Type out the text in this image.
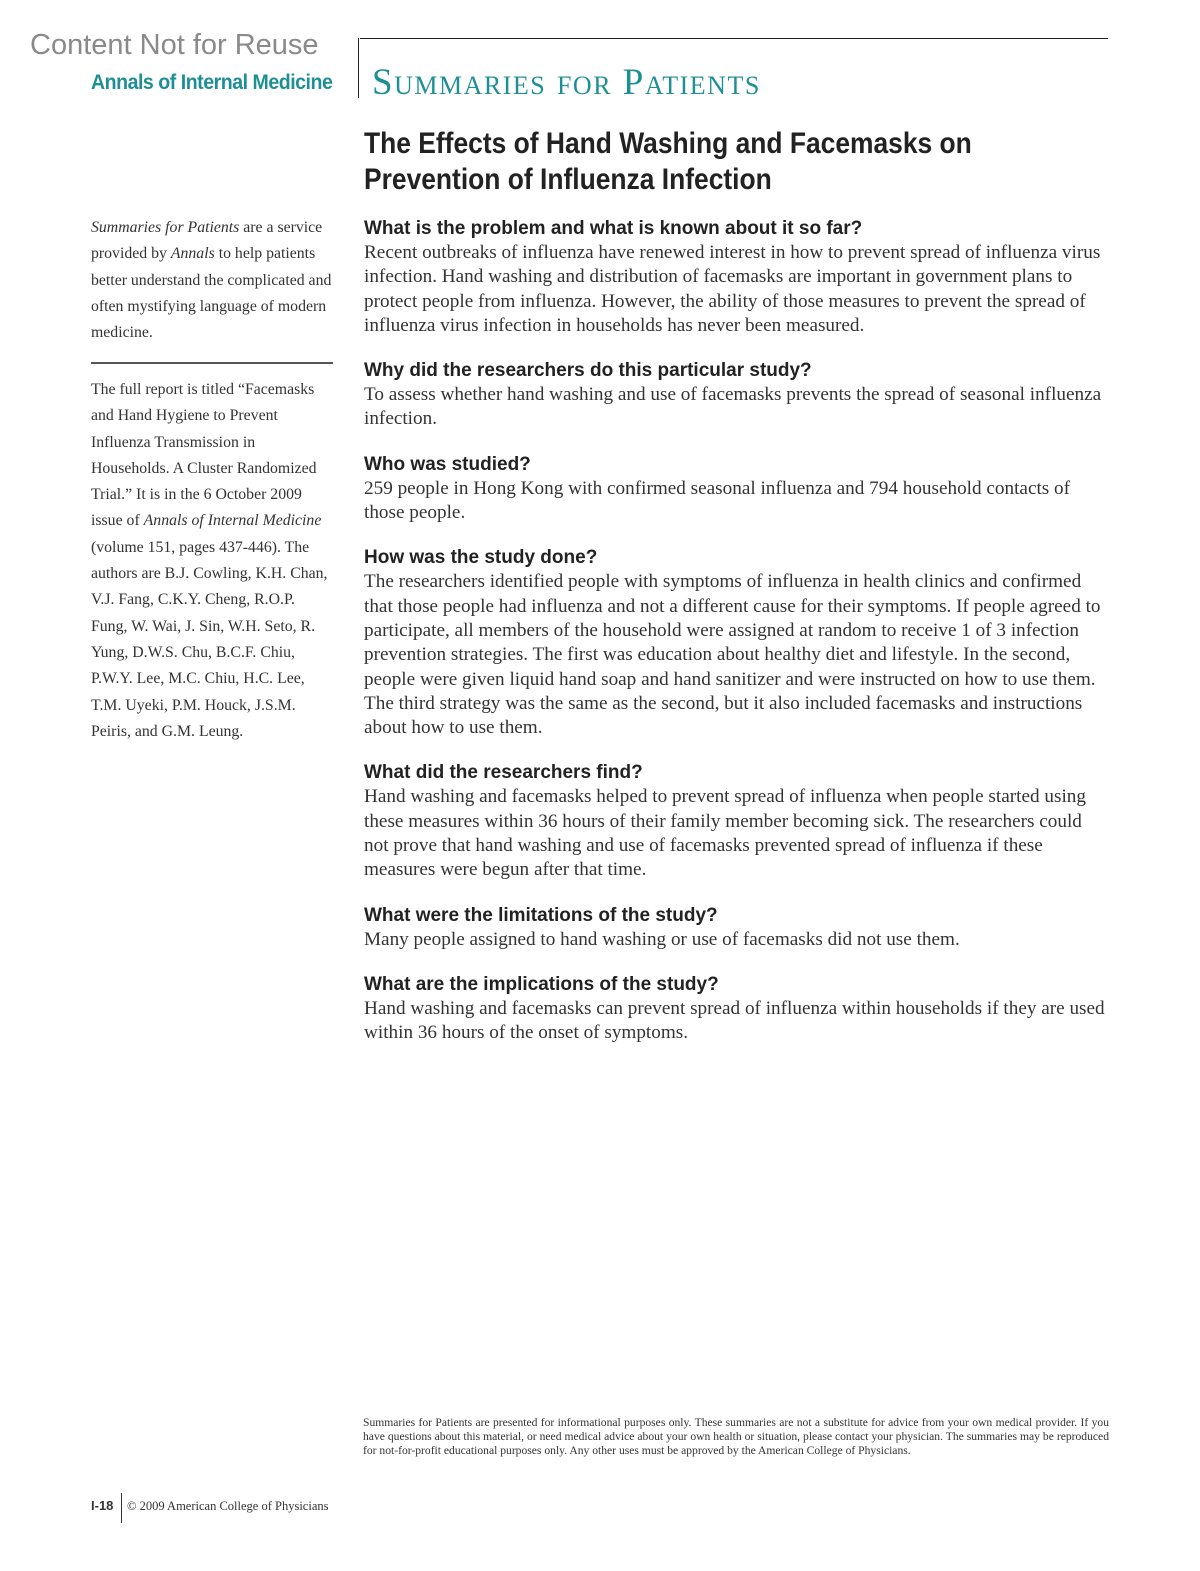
Content Not for Reuse
Annals of Internal Medicine Summaries for Patients
The Effects of Hand Washing and Facemasks on Prevention of Influenza Infection
Summaries for Patients are a service provided by Annals to help patients better understand the complicated and often mystifying language of modern medicine.
The full report is titled “Facemasks and Hand Hygiene to Prevent Influenza Transmission in Households. A Cluster Randomized Trial.” It is in the 6 October 2009 issue of Annals of Internal Medicine (volume 151, pages 437-446). The authors are B.J. Cowling, K.H. Chan, V.J. Fang, C.K.Y. Cheng, R.O.P. Fung, W. Wai, J. Sin, W.H. Seto, R. Yung, D.W.S. Chu, B.C.F. Chiu, P.W.Y. Lee, M.C. Chiu, H.C. Lee, T.M. Uyeki, P.M. Houck, J.S.M. Peiris, and G.M. Leung.
What is the problem and what is known about it so far?

Recent outbreaks of influenza have renewed interest in how to prevent spread of influenza virus infection. Hand washing and distribution of facemasks are important in government plans to protect people from influenza. However, the ability of those measures to prevent the spread of influenza virus infection in households has never been measured.

Why did the researchers do this particular study?

To assess whether hand washing and use of facemasks prevents the spread of seasonal influenza infection.

Who was studied?

259 people in Hong Kong with confirmed seasonal influenza and 794 household contacts of those people.

How was the study done?

The researchers identified people with symptoms of influenza in health clinics and confirmed that those people had influenza and not a different cause for their symptoms. If people agreed to participate, all members of the household were assigned at random to receive 1 of 3 infection prevention strategies. The first was education about healthy diet and lifestyle. In the second, people were given liquid hand soap and hand sanitizer and were instructed on how to use them. The third strategy was the same as the second, but it also included facemasks and instructions about how to use them.

What did the researchers find?

Hand washing and facemasks helped to prevent spread of influenza when people started using these measures within 36 hours of their family member becoming sick. The researchers could not prove that hand washing and use of facemasks prevented spread of influenza if these measures were begun after that time.

What were the limitations of the study?

Many people assigned to hand washing or use of facemasks did not use them.

What are the implications of the study?

Hand washing and facemasks can prevent spread of influenza within households if they are used within 36 hours of the onset of symptoms.

Summaries for Patients are presented for informational purposes only. These summaries are not a substitute for advice from your own medical provider. If you have questions about this material, or need medical advice about your own health or situation, please contact your physician. The summaries may be reproduced for not-for-profit educational purposes only. Any other uses must be approved by the American College of Physicians.
I-18 © 2009 American College of Physicians
